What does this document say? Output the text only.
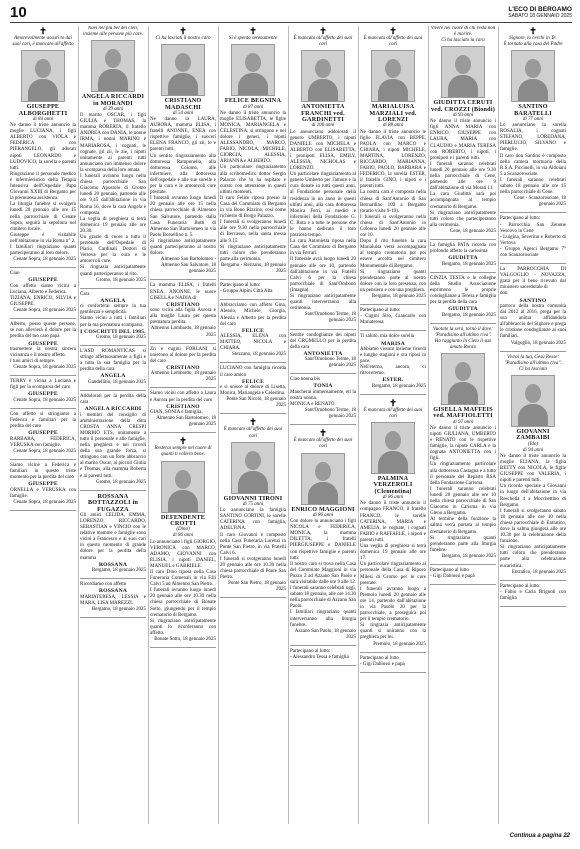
10	L'ECO DI BERGAMO
SABATO 18 GENNAIO 2025
✝
Amorevolmente assisti to dai suoi cari, è mancato all'affetto
GIUSEPPE ALBORGHETTI
di 84 anni
Ne danno il triste annuncio la moglie LUCIANA, i figli ALBERTO con VIOLA e FEDERICA con PIERANGELO, gli adorati nipoti LEONARDO e LUDOVICO, la sorella e parenti tutti.
Ringraziano il personale medico e infermieristico della Terapia Intensiva dell'Ospedale Papa Giovanni XXIII di Bergamo per la premurosa assistenza.
La liturgia funebre si svolgerà lunedì 20 gennaio alle ore 15 nella parrocchiale di Cenate Sopra, seguirà la sepoltura nel cimitero locale.
Giuseppe è visitabile nell'abitazione in via Roma n° 2.
I familiari ringraziano quanti parteciperanno al loro dolore.
Cenate Sopra, 18 gennaio 2025
Ciao
GIUSEPPE
Con affetto siamo vicini a Luciana, Alberto e Federica.
TIZIANA, ENRICO, SILVIA e GIUSEPPE.
Cenate Sopra, 18 gennaio 2025
Alberto, posso queste persone, se non allevierà il dolore per la perdita del tuo caro papà
GIUSEPPE
trasmettere la nostra sincera vicinanza e il nostro affetto.
I tuoi amici di sempre.
Cenate Sopra, 18 gennaio 2025
TERRY è vicina a Luciana e figli per la scomparsa del caro
GIUSEPPE
Cenate Sopra, 18 gennaio 2025
Con affetto si stringiamo a Federica e familiari per la perdita del caro
GIUSEPPE
BARBARA, FEDERICA, VERUSKA con famiglie.
Cenate Sopra, 18 gennaio 2025
Siamo vicine a Federica e familiari in questo triste momento per la perdita del caro
GIUSEPPE
ORNELLA e VERUSKA con famiglie.
Cenate Sopra, 18 gennaio 2025
Nuvi nel più bel dei cieli, insieme alle persone più care.
ANGELA RICCARDI in MORANDI
di 39 anni
Il marito OSCAR, i figli GIULIA e THOMAS, la mamma ROBERTA, il fratello ANDREA con DANIA, le nonne IRMA, i nonni MARINO e MARIAROSA, i cognati, le cognate, gli zii, le zie, i nipoti unitamente ai parenti tutti annunciano con immenso dolore la scomparsa della loro amata
I funerali avranno luogo nella chiesa parrocchiale San Giacomo Apostolo di Gromo lunedì 20 gennaio, partendo alle ore 9,45 dall'abitazione in via Roma 16, dove la cara Angela è composta.
La veglia di preghiera si terrà domenica 19 gennaio alle ore 20.30.
Un grazie di cuore a tutto il personale dell'Ospedale di Piario, Cardinali Dottori di Vertova per la cura e le amorevoli cure.
Si ringrazia anticipatamente quanti parteciperanno al rito.
Gromo, 18 gennaio 2025
Cara
ANGELA
ci conforterai sempre la tua gentilezza e semplicità.
Siamo vicini a tutti i familiari per la tua prematura scomparsa.
I COSCRITTI DEL 1985.
Gromo, 18 gennaio 2025
L'ASD ROMANTICAS si stringe affettuosamente a figli e a tutta la sua famiglia per la perdita della cara
ANGELA
Gandellino, 18 gennaio 2025
Addolorati per la perdita della cara
ANGELA RICCARDI
i membri del consiglio di amministrazione della ditta CROSTA ANNA CRESPI MORBIO ETS, unitamente a tutto il personale e alle famiglie, nella preghiera e nei ricordi della sua grande forza, si stringono con un forte abbraccio al marito Oscar, ai piccoli Giulia e Thomas, alla mamma Roberta e ai parenti tutti.
Gromo, 18 gennaio 2025
ROSSANA BOTTAZZOLI in FUGAZZA
Gli amici CELIDA, EMMA, LORENZO, RICCARDO, SEBASTIAN e VINCIO con le relative mamme e famiglie sono vicini a Francesco e ai suoi cari in questo momento di grande dolore per la perdita della mamma
ROSSANA
Bergamo, 18 gennaio 2025
Ricordiamo con affetto
ROSSANA
MARIATERESA, LESSIA e MARA, LISA MAREZZI.
Bergamo, 18 gennaio 2025
✝
Ci ha lasciati il nostro caro
CRISTIANO MADASCHI
di 54 anni
Ne danno la LAURA, AURORA, mamma ELISA, i fratelli ANONNE, ENEA con rispettive famiglie, i suoceri ELENA FRANCO, gli zii, le e parenti tutti.
Un sentito ringraziamento alla dottoressa Ramponella, alla dottoressa Colomo, alle infermiere, alla dottoressa dell'ospedale e alle sue sorelle e per la cura e le amorevoli cure prestate.
I funerali avranno luogo lunedì 20 gennaio alle ore 15 nella chiesa parrocchiale di Almenno San Salvatore, partendo dalla Casa Funeraria Botti di Almenno San Bartolomeo in via Paolo Borsellino n. 5.
Si ringraziano anticipatamente quanti parteciperanno al nostro dolore.
Almenno San Bartolomeo - Almenno San Salvatore, 18 gennaio 2025
La mamma ELISA, i fratelli ENEA, ANONNE, le nuore GISELLA e NADIA di
CRISTIANO
sono vicini alla figlia Aurora e alla moglie Laura per questa prematura perdita.
Almenno Lombardo, 18 gennaio 2025
Zii e cugini FORLANI si uniscono al dolore per la perdita del caro
CRISTIANO
Almenno Lombardo, 18 gennaio 2025
Siamo vicini con affetto a Laura e Aurora per la perdita del caro
CRISTIANO
GIAN, SONIA e famiglia.
Almenno San Bartolomeo, 18 gennaio 2025
✝
Resterai sempre nel cuore di quanti ti vollero bene.
DEFENDENTE CROTTI
(Dino)
di 86 anni
Lo annunciano i figli GIORGIO, VERONICA con MARCO, ADAMO, GIOVANNI con ELISIA, i nipoti DANIEL, MANUEL e GABRIELE.
Il caro Dino riposa nella Casa Funeraria Comenali in via F.lli Calvi 5 ad Almenno San Pietro.
I funerali avranno luogo lunedì 20 gennaio alle ore 10.30 nella chiesa parrocchiale di Bonate Sotto, giungendo per il tempio crematorio di Bergamo.
Si ringraziano anticipatamente quanti lo ricorderanno con affetto.
Bonate Sotto, 18 gennaio 2025
✝
Si è spento serenamente
FELICE BEGNINA
di 87 anni
Ne danno il triste annuncio la moglie ELISABETTA, le figlie MONICA, MARIANGELA e CELESTINA, si stringono e nel dolore i generi, i nipoti ALESSANDRO, MARCO, FABIO, NICOLA, MICHELE, GIORGIA, ALESSIA, ARIANNA e ALBERTO.
Un particolare ringraziamento alla scribomedico dottor Sergio Palazzo che lo ha ospitato e curato con attenzione in questi ultimi momenti.
Il caro Felice riposa presso la Casa del Commiato di Bergamo in via Bono Rizzino, così come richiesto di Borgo Palazzo.
I funerali si svolgeranno lunedì alle ore 9.30 nella parrocchiale di Bercasso, nella santa messa alle 9.15.
Si ringraziano anticipatamente tutti coloro che prenderanno parte alla cerimonia.
Bergamo - Stezzano, 18 gennaio 2025
Partecipano al lutto:
- Gruppo Alpini Città Alta
Abbracciamo con affetto Gina, Alessio, Michele, Giorgia, Alessia e Alberto per la perdita del caro
FELICE
ALESSIA, ELENA con MATTEO, NICOLA e CHIARA.
Stezzano, 18 gennaio 2025
LUCIANO con famiglia ricorda il caro amico
FELICE
e si unisce al dolore di Lisetta, Monica, Mariangela e Celestina.
Ponte San Nicolò, 18 gennaio 2025
✝
È mancato all'affetto dei suoi cari
GIOVANNI TIRONI
di 75 anni
Lo annunciano la famiglia SANTINO CORTINI, le sorelle CATERINA con famiglia, ADELFINA.
Il caro Giovanni è composto nella Casa Funeraria Lorenzi in Ponte San Pietro, in via Fratelli Calvi 6.
I funerali si svolgeranno lunedì 20 gennaio alle ore 10.30 nella chiesa parrocchiale di Ponte San Pietro.
Ponte San Pietro, 18 gennaio 2025
✝
È mancata all'affetto dei suoi cari
ANTONIETTA FRANCHI ved. GARDINETTI
di 100 anni
Lo annunciano addolorati il genero UMBERTO, i nipoti DANIELE con MICHELA e ALBERTO con ELISABETTA, i pronipoti ELISA, EMILY, ALESSIA, NICHOLAS e LORENZO.
Un particolare ringraziamento al genero Umberto per l'amore e la cura donate in tutti questi anni, al Fondazione personale della residenza in un anno in questi ultimi anni, alla cara dottoressa Monica Ferri, ai medici e infermieri della Fondazione G. C. Rota e a tutte le persone che le hanno dedicato il loro prezioso tempo.
La cara Antonietta riposa nella Casa del Commiato di Bergamo in via Ferrari.
Il funerale avrà luogo lunedì 20 gennaio alle ore 10, partendo dall'abitazione in via Fratelli Calvi 6 per la chiesa parrocchiale di Sant'Ombono (Imagna).
Si ringraziano anticipatamente quanti interverranno alla cerimonia.
Sant'Omobono Terme, 18 gennaio 2025
Sentite condoglianze dei nipoti del GRUMELLO per la perdita della cara
ANTONIETTA
Sant'Omobono Terme, 18 gennaio 2025
Ciao nonna bis
TONIA
Mancherai immensamente, eri la nostra nonna.
MONICA e RENATO.
Sant'Omobono Terme, 18 gennaio 2025
✝
È mancato all'affetto dei suoi cari
ENRICO MAGGIONI
di 86 anni
Con dolore lo annunciano i figli NICOLA e FEDERICA, MONICA, la mamma DILETTA, i fratelli PIERGIUSEPPE e DANIELE con rispettive famiglie e parenti tutti.
Il nostro caro si trova nella Casa del Commiato Maggioni in via Pozzo 2 ad Azzano San Paolo e sarà visitabile dalle ore 9 alle 12.
I funerali saranno celebrati oggi, sabato 18 gennaio, alle ore 14.30 nella parrocchiale di Azzano San Paolo.
I familiari ringraziano quanti interverranno alla liturgia funebre.
Azzano San Paolo, 18 gennaio 2025
Partecipano al lutto:
- Alessandro Tessa e famiglia
✝
È mancata all'affetto dei suoi cari
MARIALUISA MARZIALI ved. LORENZI
di 88 anni
Ne danno il triste annuncio le figlie FLAVIA con BEPPE, PAOLA con MARCO e CHIARA, i nipoti MICHELE, MARTINA, LORENZO, RICCARDO, MARIANNA, FABIO, PAOLO, BARBARA e FEDERICO, la sorella ESTER, il fratello GINO, i nipoti e i parenti tutti.
La nostra cara è composta nella chiesa di Sant'Antonio di San Bernardino 109 a Bergamo (orario visite 9-19).
I funerali si svolgeranno nella chiesa di Sant'Antonio in Colonna lunedì 20 gennaio alle ore 10.
Dopo il rito funebre la cara Marialuisa verrà accompagnata al tempio crematorio per poi essere accolta nel cimitero Monumentale di Bergamo.
Si ringraziano quanti prenderanno parte al nostro dolore con la loro presenza, con un pensiero e con una preghiera.
Bergamo, 18 gennaio 2025
Partecipano al lutto:
- Cugini Siro, Giancarlo con Mariateresa
Ti salutò, mia dolce sorella
MARISA
Abbiamo vissuto insieme ricordi e lunghe stagioni e ora riposi in pace.
Nell'eterno, ancora, ci ritroveremo.
ESTER.
Bergamo, 18 gennaio 2025
✝
È mancata all'affetto dei suoi cari
PALMINA VERZEROLI (Clementina)
di 86 anni
Ne danno il triste annuncio il compagno FRANCO, il fratello FRANCO, le sorelle CATERINA, MARIA e AMELIA, le cognate, i cognati FABIO e RAFFAELE, i nipoti e parenti tutti.
Una veglia di preghiera si terrà domenica 19 gennaio alle ore 17.
Un particolare ringraziamento al personale della Casa di Riposo Milesi di Gromo per le cure prestate.
I funerali avranno luogo a Premolo lunedì 20 gennaio alle ore 14, partendo dall'abitazione in via Pasolo 20 per la parrocchiale, a proseguirà poi per il tempio crematorio.
Si ringrazia anticipatamente quanti si uniranno con la preghiera per lei.
Premolo, 18 gennaio 2025
Partecipano al lutto
- Gigi Dablossi e papà
Vivere nei cuore di chi resta non è morire.
Ci ha lasciato la cara
GIUDITTA CERUTI ved. CROZZI (Biondi)
di 93 anni
Ne danno il triste annuncio i figli ANNA MARIA con ENRICO, GIUSEPPE con LAURA, MARIA con CLAUDIO e MARIA TERESA con ROBERTO, i nipoti, i pronipoti e i parenti tutti.
I funerali saranno celebrati lunedì 20 gennaio alle ore 9.30 nella parrocchiale di Cene, partendo alle ore 9 dall'abitazione di via Morati 11.
La cara Giuditta sarà poi accompagnata al tempio crematorio di Bergamo.
Si ringraziano anticipatamente tutti coloro che parteciperanno alla cerimonia.
Cene, 18 gennaio 2025
La famiglia PATA ricorda con profondo affetto la carissima
GIUDITTA
Bergamo, 18 gennaio 2025
CINZIA TESTA e le colleghe della Studio Associazione esprimono le proprie condoglianze a Teresa e famiglia per la perdita della cara
GIUDITTA
Bergamo, 18 gennaio 2025
Vuotate la sera, tornò il dove: "Paradisino all'ultimo riva".
Ha raggiunto in Cielo il suo amato Ronzo
GISELLA MAFFEIS ved. MAFFIOLETTI
di 97 anni
Ne danno il triste annuncio i nipoti GIULIANA, UMBERTO e RENATO con le rispettive famiglie, la nipote CARLA e la cognata ANTONIETTA con i figli.
Un ringraziamento particolare alla dottoressa Castagna e a tutto il personale del Reparto RSA della Fondazione Carisma.
I funerali saranno celebrati lunedì 20 gennaio alle ore 10 nella chiesa parrocchiale di San Giacomo in Carisma in via Gleno a Bergamo.
Al termine della funzione la salma verrà portata al tempio crematorio di Bergamo.
Si ringraziano quanti prenderanno parte alla liturgia funebre.
Bergamo, 18 gennaio 2025
Partecipano al lutto
- Gigi Dablossi e papà
✝
Signore, lo cerchi in Te.
È tornato alla casa del Padre
SANTINO BARATELLI
di 77 anni
Lo annunciano la sorella ROSALIA, i cognati STEFANO, LOREDANA, PIERLUCIO, SILVANO e famiglie.
Il caro don Santino è composto nella camera mortuaria della R.S.A. Piccinelli, in via Aldoiani 5 a Scanzorosciate.
I funerali saranno celebrati sabato 18 gennaio alle ore 15 nella parrocchiale di Cene.
Cene - Scanzorosciate, 18 gennaio 2025
Partecipano al lutto:
- Parrocchia San Zenone Vescovo in Cene
- Luigina, Severino e Roberto di Vertova
- Gruppo Agesci Bergamo 7° con Scanzorosciate
La PARROCCHIA DI VALGOGLIO - NOVAZZA, grata per il bene ricevuto dal ministero sacerdotale di
don
SANTINO
parroco della nostra comunità dal 2012 al 2016, prega per la sua anima affidandola all'abbraccio del Signore e prega le cristiane condoglianze ai suoi familiari.
Valgoglio, 18 gennaio 2025
Vivrai la tua, Gesù Resse: "Paradisino all'ultimo riva".
Ci ha lasciato
GIOVANNI ZAMBAIBI
(Ido)
di 94 anni
Ne danno il triste annuncio la moglie ELIANA, la figlia BETTY con NICOLA, le figlie GIUSEPPE con VALERIA, i nipoti e parenti tutti.
Un ricordo speciale a Giovanni in luogo dell'abitazione in via Reschella 4 a Mocchettino di Bergamo.
I funerali si svolgeranno sabato 18 gennaio alle ore 10 nella chiesa parrocchiale di Entratico, dove la salma giungerà alle ore 10.30 per la celebrazione della funzione.
Si ringraziano anticipatamente tutti coloro che prenderanno parte alla celebrazione eucaristica.
Entratico, 18 gennaio 2025
Partecipano al lutto:
- Fabio e Carla Brignoli con famiglia
Continua a pagina 22
